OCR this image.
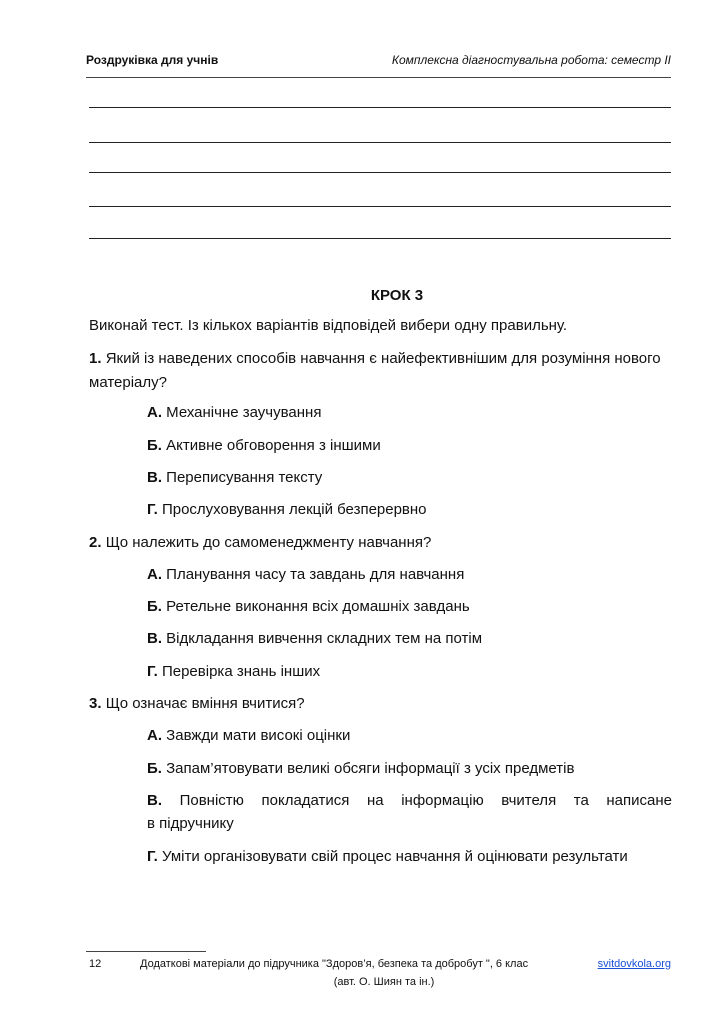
Роздруківка для учнів	Комплексна діагностувальна робота: семестр II
КРОК 3
Виконай тест. Із кількох варіантів відповідей вибери одну правильну.
1. Який із наведених способів навчання є найефективнішим для розуміння нового матеріалу?
А. Механічне заучування
Б. Активне обговорення з іншими
В. Переписування тексту
Г. Прослуховування лекцій безперервно
2. Що належить до самоменеджменту навчання?
А. Планування часу та завдань для навчання
Б. Ретельне виконання всіх домашніх завдань
В. Відкладання вивчення складних тем на потім
Г. Перевірка знань інших
3. Що означає вміння вчитися?
А. Завжди мати високі оцінки
Б. Запам’ятовувати великі обсяги інформації з усіх предметів
В. Повністю покладатися на інформацію вчителя та написане
в підручнику
Г. Уміти організовувати свій процес навчання й оцінювати результати
12	Додаткові матеріали до підручника "Здоров’я, безпека та добробут ", 6 клас
(авт. О. Шиян та ін.)
svitdovkola.org
